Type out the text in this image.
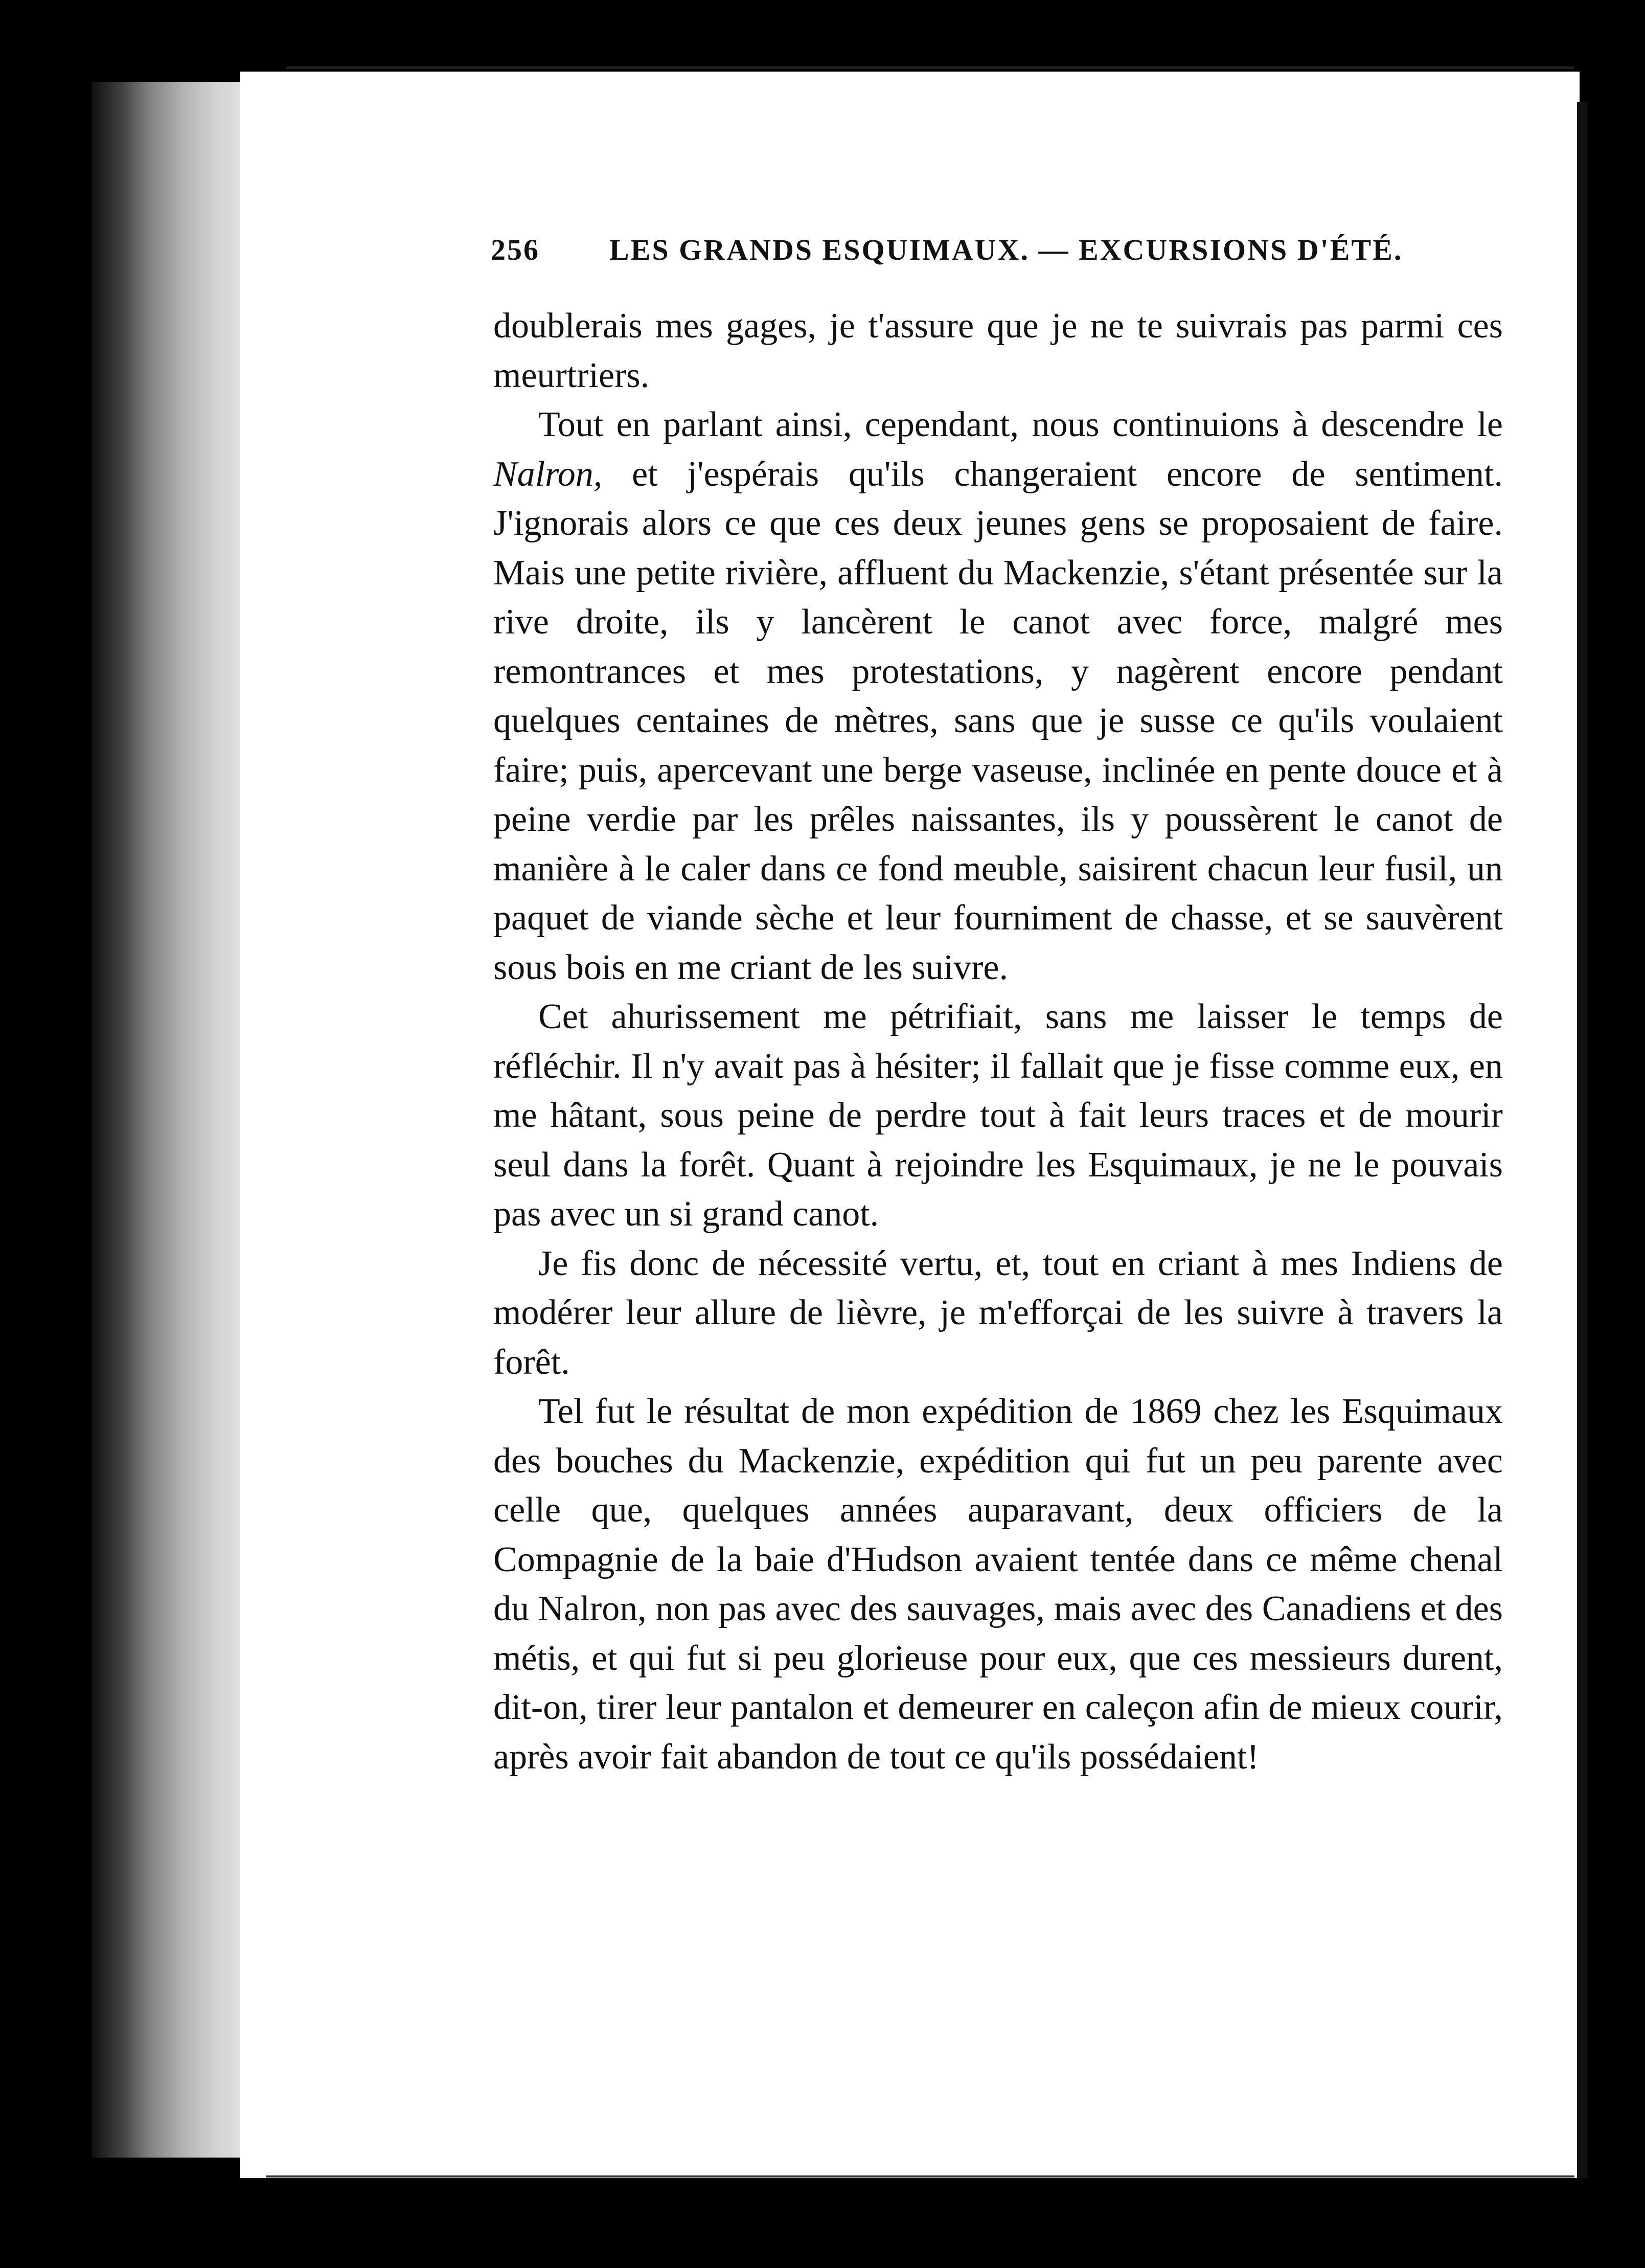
256 LES GRANDS ESQUIMAUX. — EXCURSIONS D'ÉTÉ.

doublerais mes gages, je t'assure que je ne te suivrais pas parmi ces meurtriers.

Tout en parlant ainsi, cependant, nous continuions à descendre le Nalron, et j'espérais qu'ils changeraient encore de sentiment. J'ignorais alors ce que ces deux jeunes gens se proposaient de faire. Mais une petite rivière, affluent du Mackenzie, s'étant présentée sur la rive droite, ils y lancèrent le canot avec force, malgré mes remontrances et mes protestations, y nagèrent encore pendant quelques centaines de mètres, sans que je susse ce qu'ils voulaient faire; puis, apercevant une berge vaseuse, inclinée en pente douce et à peine verdie par les prêles naissantes, ils y poussèrent le canot de manière à le caler dans ce fond meuble, saisirent chacun leur fusil, un paquet de viande sèche et leur fourniment de chasse, et se sauvèrent sous bois en me criant de les suivre.

Cet ahurissement me pétrifiait, sans me laisser le temps de réfléchir. Il n'y avait pas à hésiter; il fallait que je fisse comme eux, en me hâtant, sous peine de perdre tout à fait leurs traces et de mourir seul dans la forêt. Quant à rejoindre les Esquimaux, je ne le pouvais pas avec un si grand canot.

Je fis donc de nécessité vertu, et, tout en criant à mes Indiens de modérer leur allure de lièvre, je m'efforçai de les suivre à travers la forêt.

Tel fut le résultat de mon expédition de 1869 chez les Esquimaux des bouches du Mackenzie, expédition qui fut un peu parente avec celle que, quelques années auparavant, deux officiers de la Compagnie de la baie d'Hudson avaient tentée dans ce même chenal du Nalron, non pas avec des sauvages, mais avec des Canadiens et des métis, et qui fut si peu glorieuse pour eux, que ces messieurs durent, dit-on, tirer leur pantalon et demeurer en caleçon afin de mieux courir, après avoir fait abandon de tout ce qu'ils possédaient!
